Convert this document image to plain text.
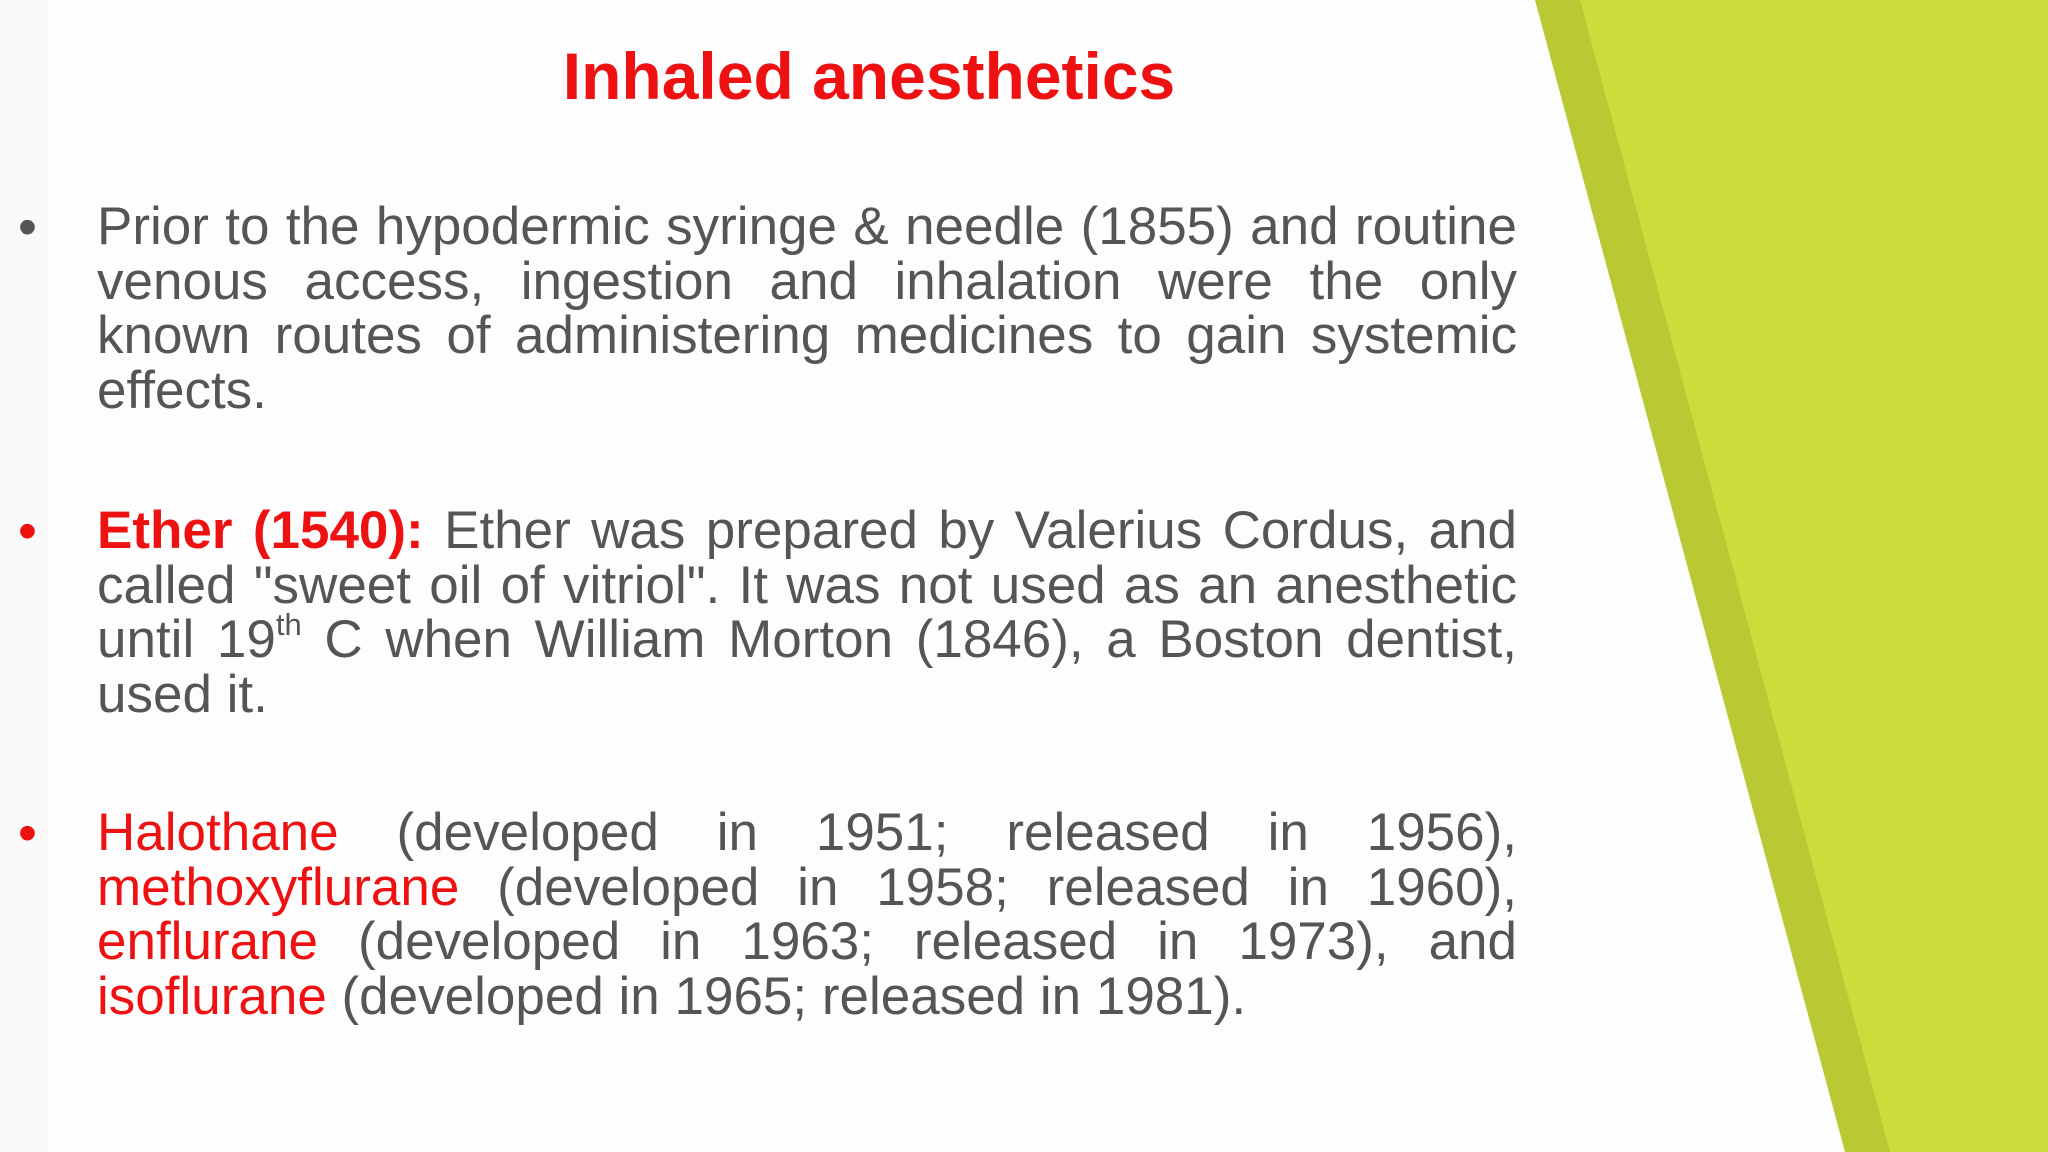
Inhaled anesthetics
• Prior to the hypodermic syringe & needle (1855) and routine venous access, ingestion and inhalation were the only known routes of administering medicines to gain systemic effects.

• Ether (1540): Ether was prepared by Valerius Cordus, and called "sweet oil of vitriol". It was not used as an anesthetic until 19th C when William Morton (1846), a Boston dentist, used it.

• Halothane (developed in 1951; released in 1956), methoxyflurane (developed in 1958; released in 1960), enflurane (developed in 1963; released in 1973), and isoflurane (developed in 1965; released in 1981).
